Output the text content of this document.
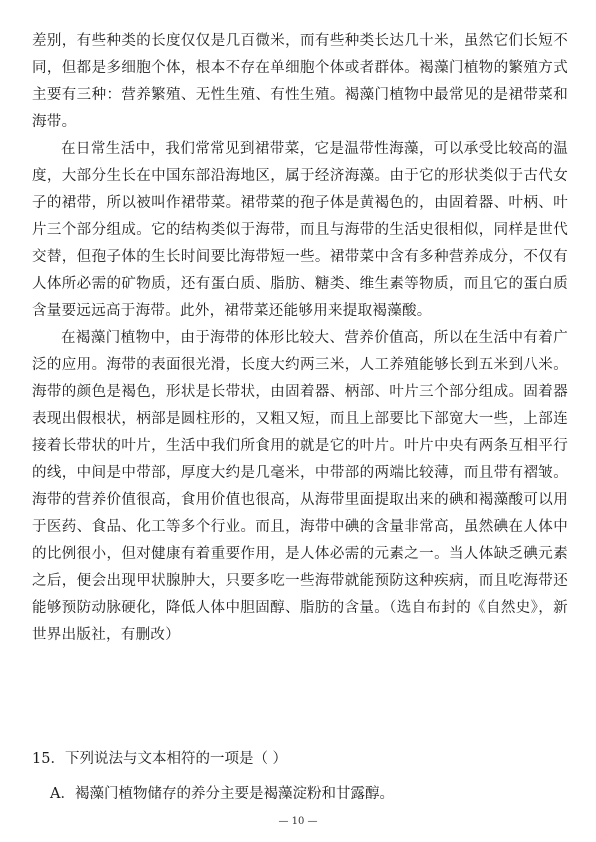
差别，有些种类的长度仅仅是几百微米，而有些种类长达几十米，虽然它们长短不同，但都是多细胞个体，根本不存在单细胞个体或者群体。褐藻门植物的繁殖方式主要有三种：营养繁殖、无性生殖、有性生殖。褐藻门植物中最常见的是裙带菜和海带。

在日常生活中，我们常常见到裙带菜，它是温带性海藻，可以承受比较高的温度，大部分生长在中国东部沿海地区，属于经济海藻。由于它的形状类似于古代女子的裙带，所以被叫作裙带菜。裙带菜的孢子体是黄褐色的，由固着器、叶柄、叶片三个部分组成。它的结构类似于海带，而且与海带的生活史很相似，同样是世代交替，但孢子体的生长时间要比海带短一些。裙带菜中含有多种营养成分，不仅有人体所必需的矿物质，还有蛋白质、脂肪、糖类、维生素等物质，而且它的蛋白质含量要远远高于海带。此外，裙带菜还能够用来提取褐藻酸。

在褐藻门植物中，由于海带的体形比较大、营养价值高，所以在生活中有着广泛的应用。海带的表面很光滑，长度大约两三米，人工养殖能够长到五米到八米。海带的颜色是褐色，形状是长带状，由固着器、柄部、叶片三个部分组成。固着器表现出假根状，柄部是圆柱形的，又粗又短，而且上部要比下部宽大一些，上部连接着长带状的叶片，生活中我们所食用的就是它的叶片。叶片中央有两条互相平行的线，中间是中带部，厚度大约是几毫米，中带部的两端比较薄，而且带有褶皱。海带的营养价值很高，食用价值也很高，从海带里面提取出来的碘和褐藻酸可以用于医药、食品、化工等多个行业。而且，海带中碘的含量非常高，虽然碘在人体中的比例很小，但对健康有着重要作用，是人体必需的元素之一。当人体缺乏碘元素之后，便会出现甲状腺肿大，只要多吃一些海带就能预防这种疾病，而且吃海带还能够预防动脉硬化，降低人体中胆固醇、脂肪的含量。（选自布封的《自然史》，新世界出版社，有删改）

15．下列说法与文本相符的一项是（ ）
A．褐藻门植物储存的养分主要是褐藻淀粉和甘露醇。
— 10 —
